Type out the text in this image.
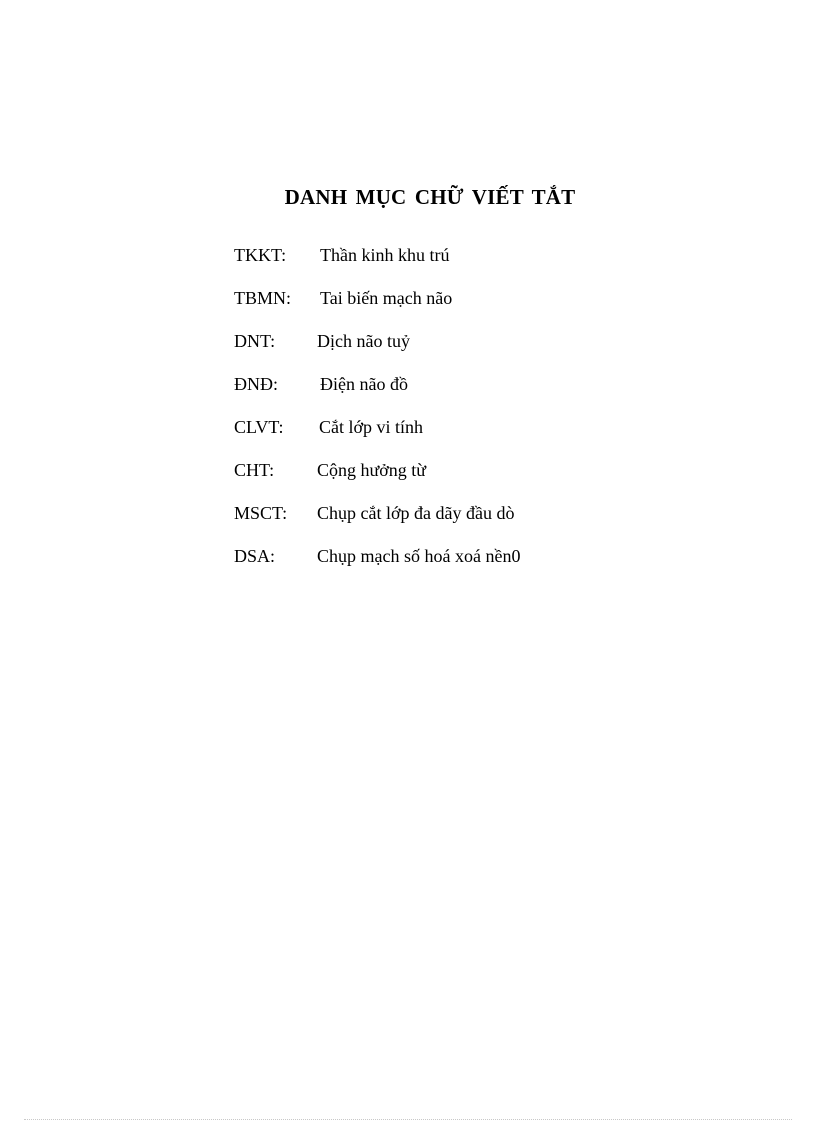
DANH MỤC CHỮ VIẾT TẮT
TKKT: Thần kinh khu trú
TBMN: Tai biến mạch não
DNT: Dịch não tuỷ
ĐNĐ: Điện não đồ
CLVT: Cắt lớp vi tính
CHT: Cộng hưởng từ
MSCT: Chụp cắt lớp đa dãy đầu dò
DSA: Chụp mạch số hoá xoá nền0
